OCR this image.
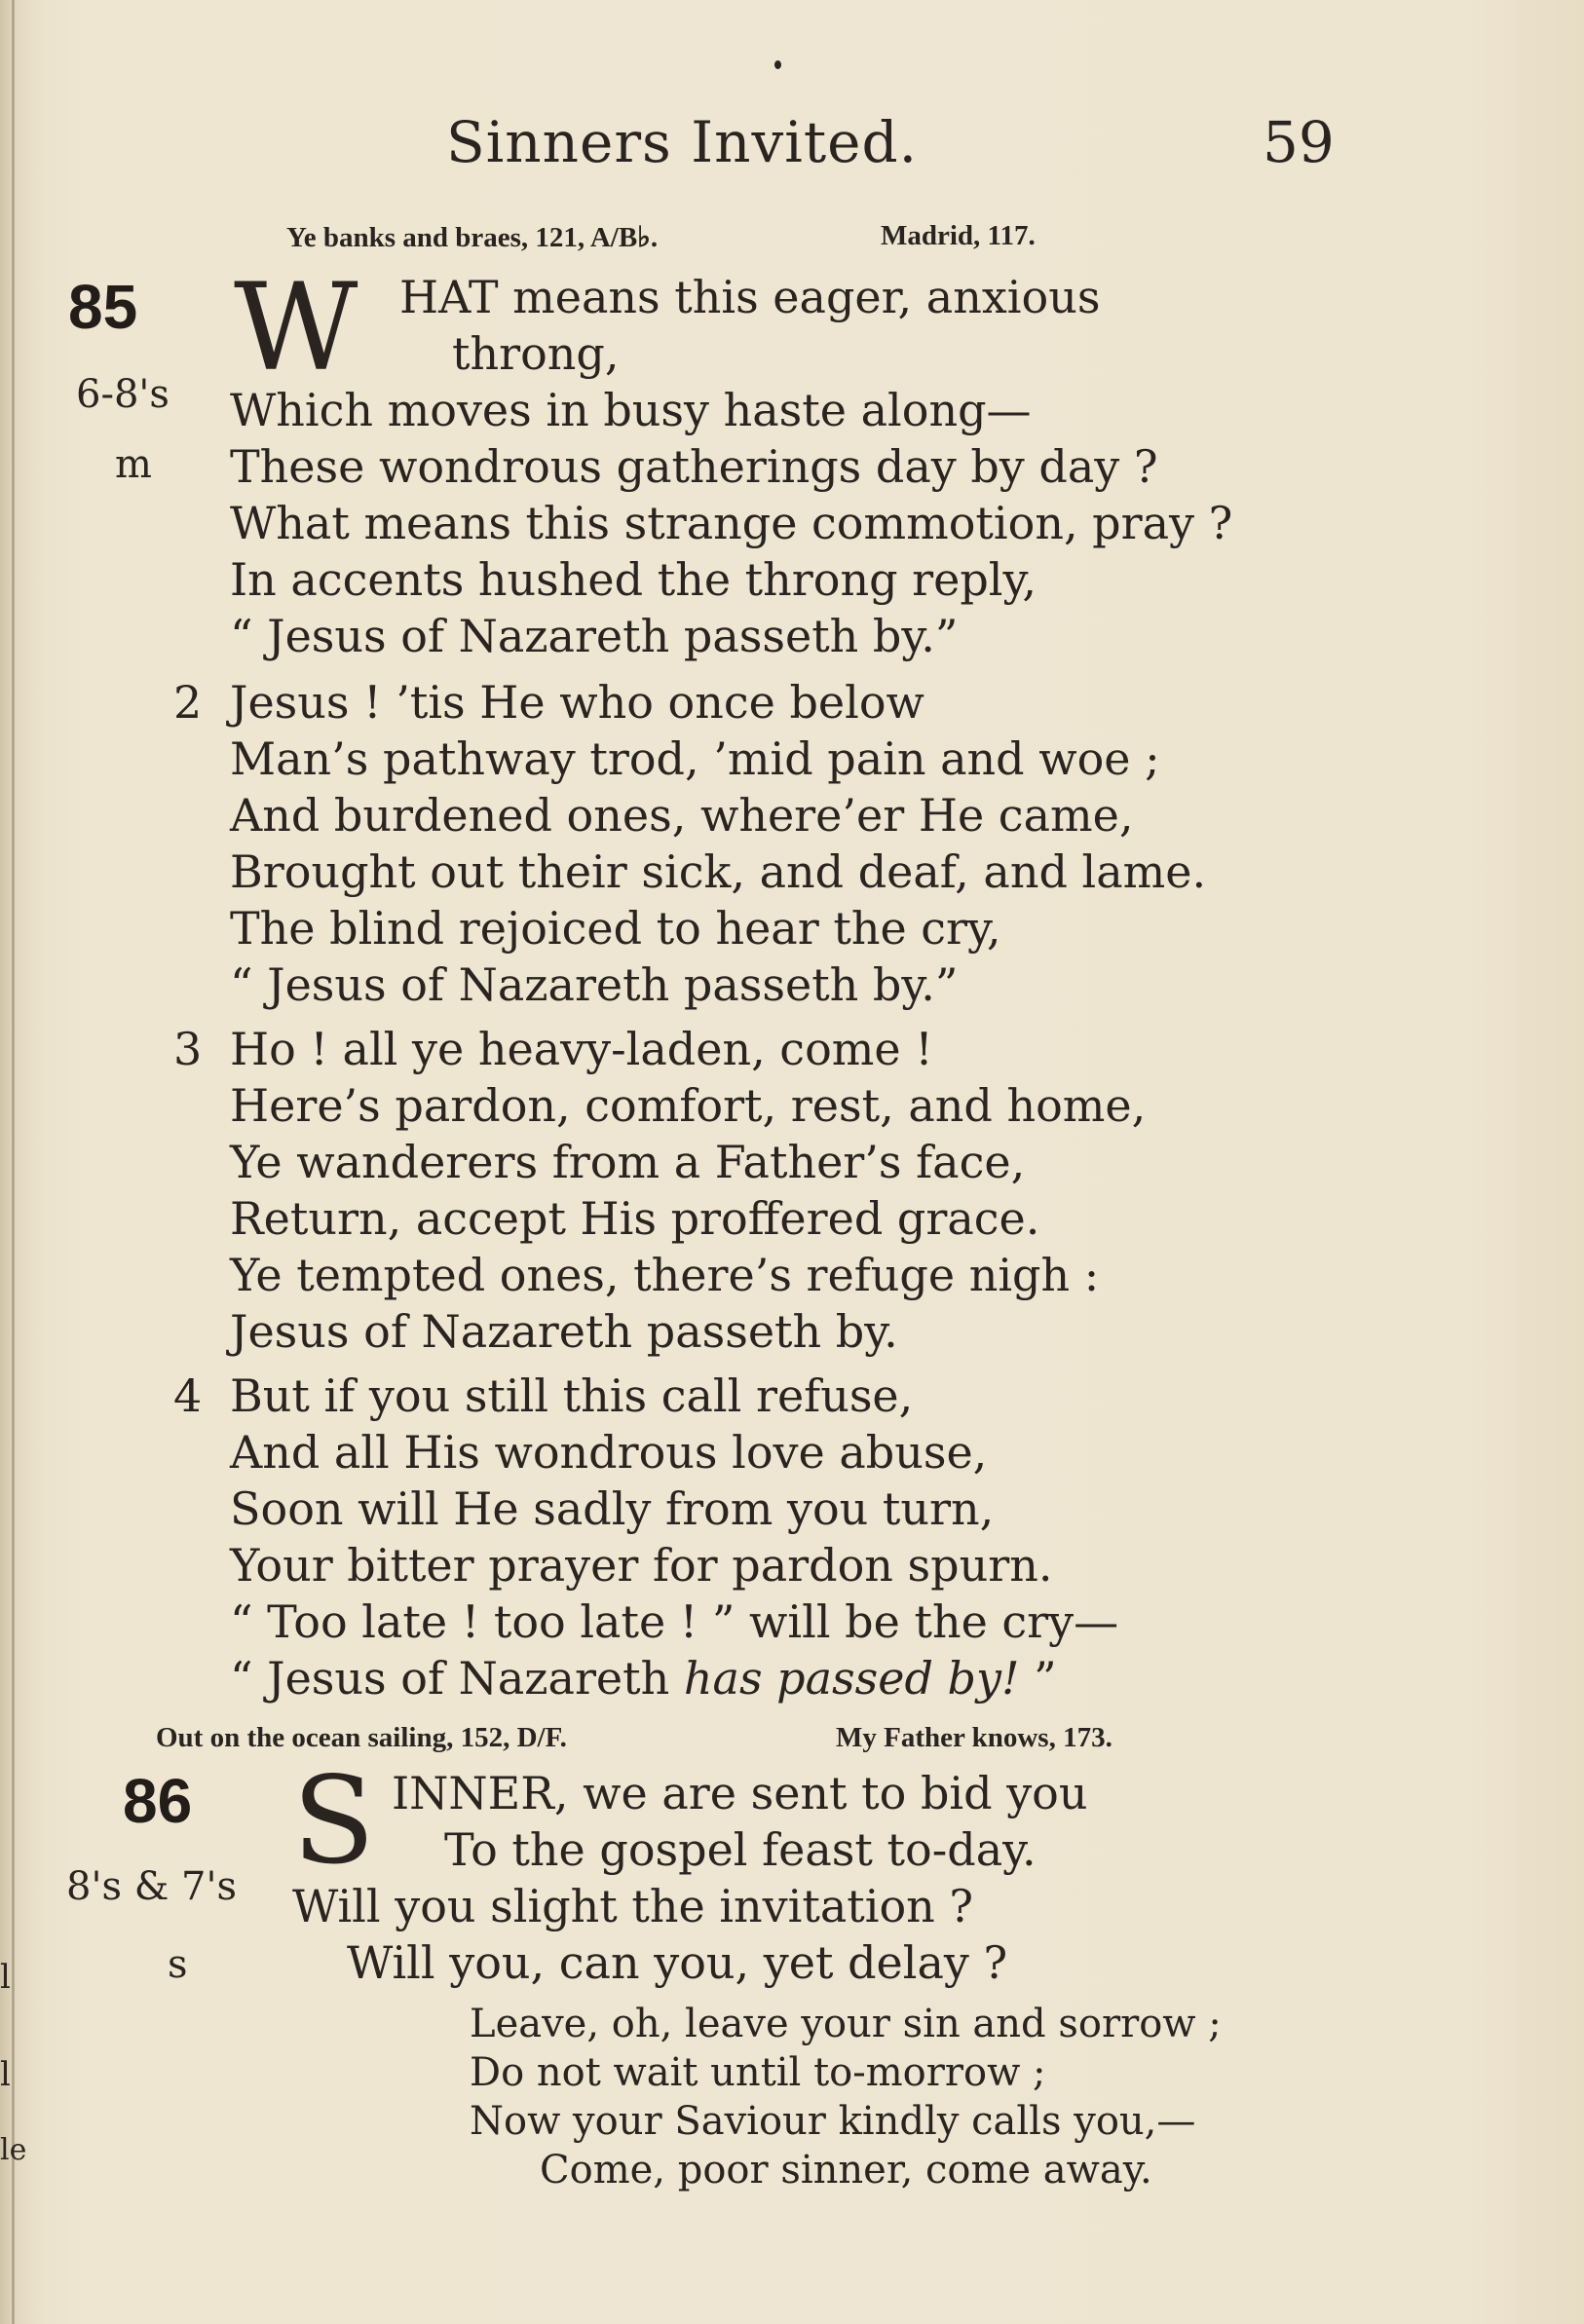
Sinners Invited.	59
Ye banks and braes, 121, A/B♭.	Madrid, 117.
85
6-8's
m
W HAT means this eager, anxious
throng,
Which moves in busy haste along—
These wondrous gatherings day by day ?
What means this strange commotion, pray ?
In accents hushed the throng reply,
“ Jesus of Nazareth passeth by.”
2 Jesus ! ’tis He who once below
Man’s pathway trod, ’mid pain and woe ;
And burdened ones, where’er He came,
Brought out their sick, and deaf, and lame.
The blind rejoiced to hear the cry,
“ Jesus of Nazareth passeth by.”
3 Ho ! all ye heavy-laden, come !
Here’s pardon, comfort, rest, and home,
Ye wanderers from a Father’s face,
Return, accept His proffered grace.
Ye tempted ones, there’s refuge nigh :
Jesus of Nazareth passeth by.
4 But if you still this call refuse,
And all His wondrous love abuse,
Soon will He sadly from you turn,
Your bitter prayer for pardon spurn.
“ Too late ! too late ! ” will be the cry—
“ Jesus of Nazareth has passed by! ”
Out on the ocean sailing, 152, D/F.	My Father knows, 173.
86
8's & 7's
s
S INNER, we are sent to bid you
To the gospel feast to-day.
Will you slight the invitation ?
Will you, can you, yet delay ?
Leave, oh, leave your sin and sorrow ;
Do not wait until to-morrow ;
Now your Saviour kindly calls you,—
Come, poor sinner, come away.
l
l
le
